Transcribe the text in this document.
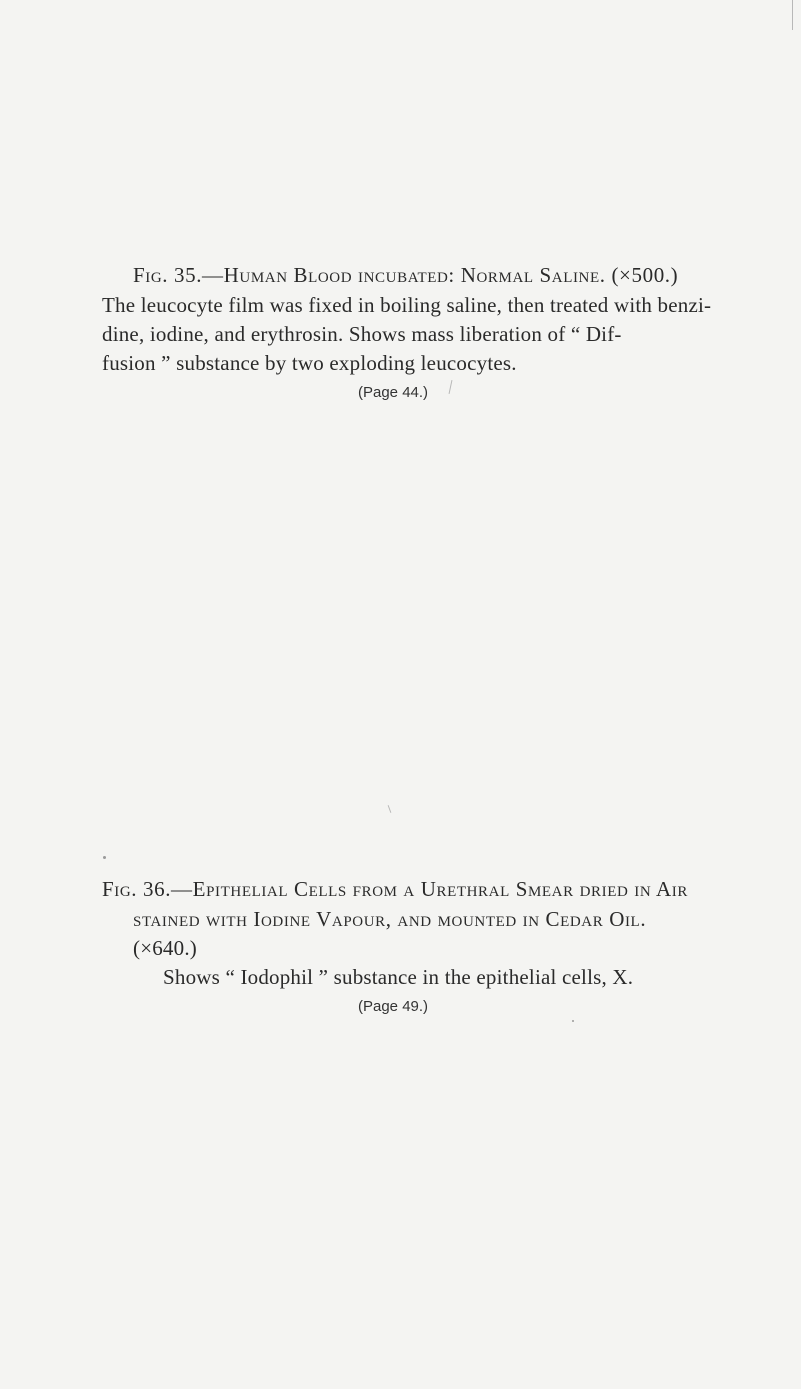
Fig. 35.—Human Blood incubated: Normal Saline. (×500.)
The leucocyte film was fixed in boiling saline, then treated with benzi-
dine, iodine, and erythrosin. Shows mass liberation of “ Dif-
fusion ” substance by two exploding leucocytes.
(Page 44.)
Fig. 36.—Epithelial Cells from a Urethral Smear dried in Air
stained with Iodine Vapour, and mounted in Cedar Oil.
(×640.)
Shows “ Iodophil ” substance in the epithelial cells, X.
(Page 49.)
